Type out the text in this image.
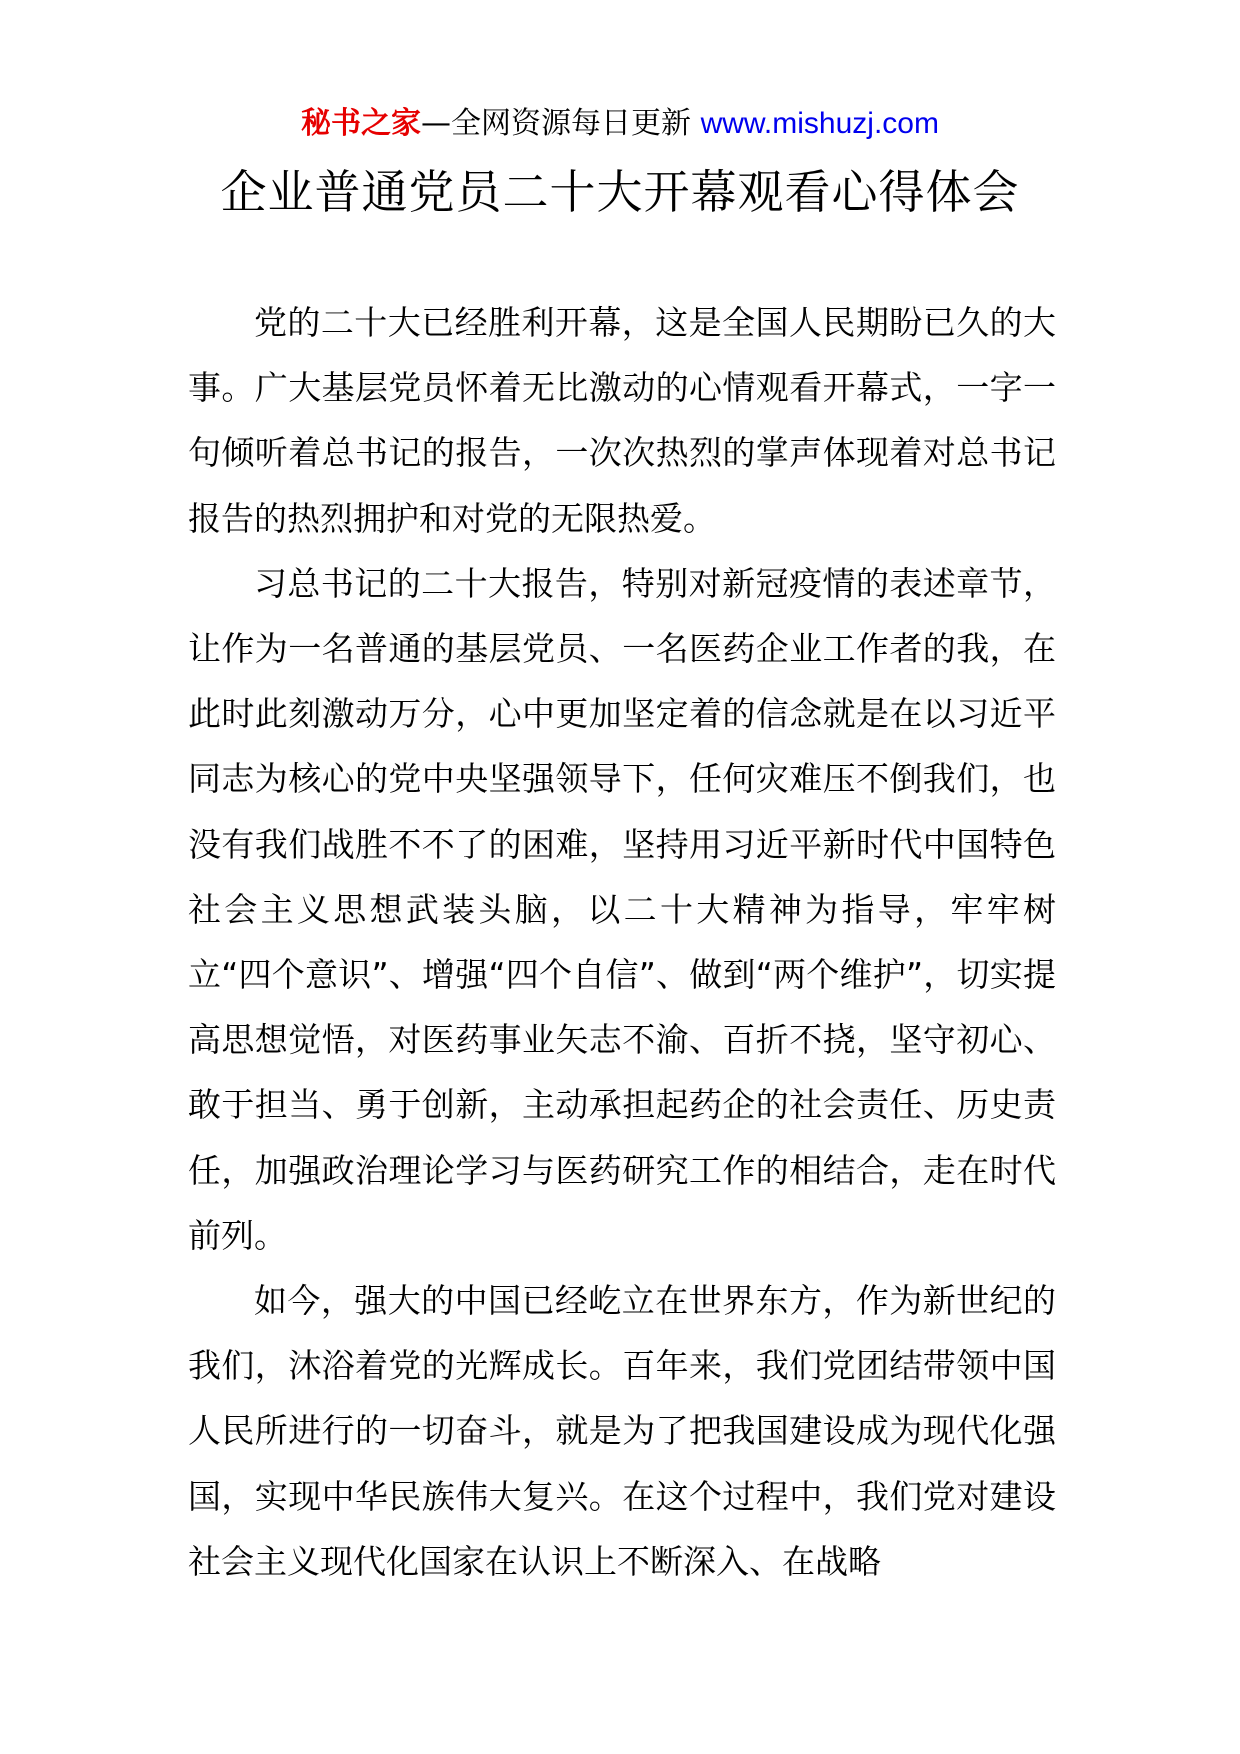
秘书之家—全网资源每日更新 www.mishuzj.com
企业普通党员二十大开幕观看心得体会

党的二十大已经胜利开幕，这是全国人民期盼已久的大事。广大基层党员怀着无比激动的心情观看开幕式，一字一句倾听着总书记的报告，一次次热烈的掌声体现着对总书记报告的热烈拥护和对党的无限热爱。

习总书记的二十大报告，特别对新冠疫情的表述章节，让作为一名普通的基层党员、一名医药企业工作者的我，在此时此刻激动万分，心中更加坚定着的信念就是在以习近平同志为核心的党中央坚强领导下，任何灾难压不倒我们，也没有我们战胜不不了的困难，坚持用习近平新时代中国特色社会主义思想武装头脑，以二十大精神为指导，牢牢树立“四个意识”、增强“四个自信”、做到“两个维护”，切实提高思想觉悟，对医药事业矢志不渝、百折不挠，坚守初心、敢于担当、勇于创新，主动承担起药企的社会责任、历史责任，加强政治理论学习与医药研究工作的相结合，走在时代前列。

如今，强大的中国已经屹立在世界东方，作为新世纪的我们，沐浴着党的光辉成长。百年来，我们党团结带领中国人民所进行的一切奋斗，就是为了把我国建设成为现代化强国，实现中华民族伟大复兴。在这个过程中，我们党对建设社会主义现代化国家在认识上不断深入、在战略
